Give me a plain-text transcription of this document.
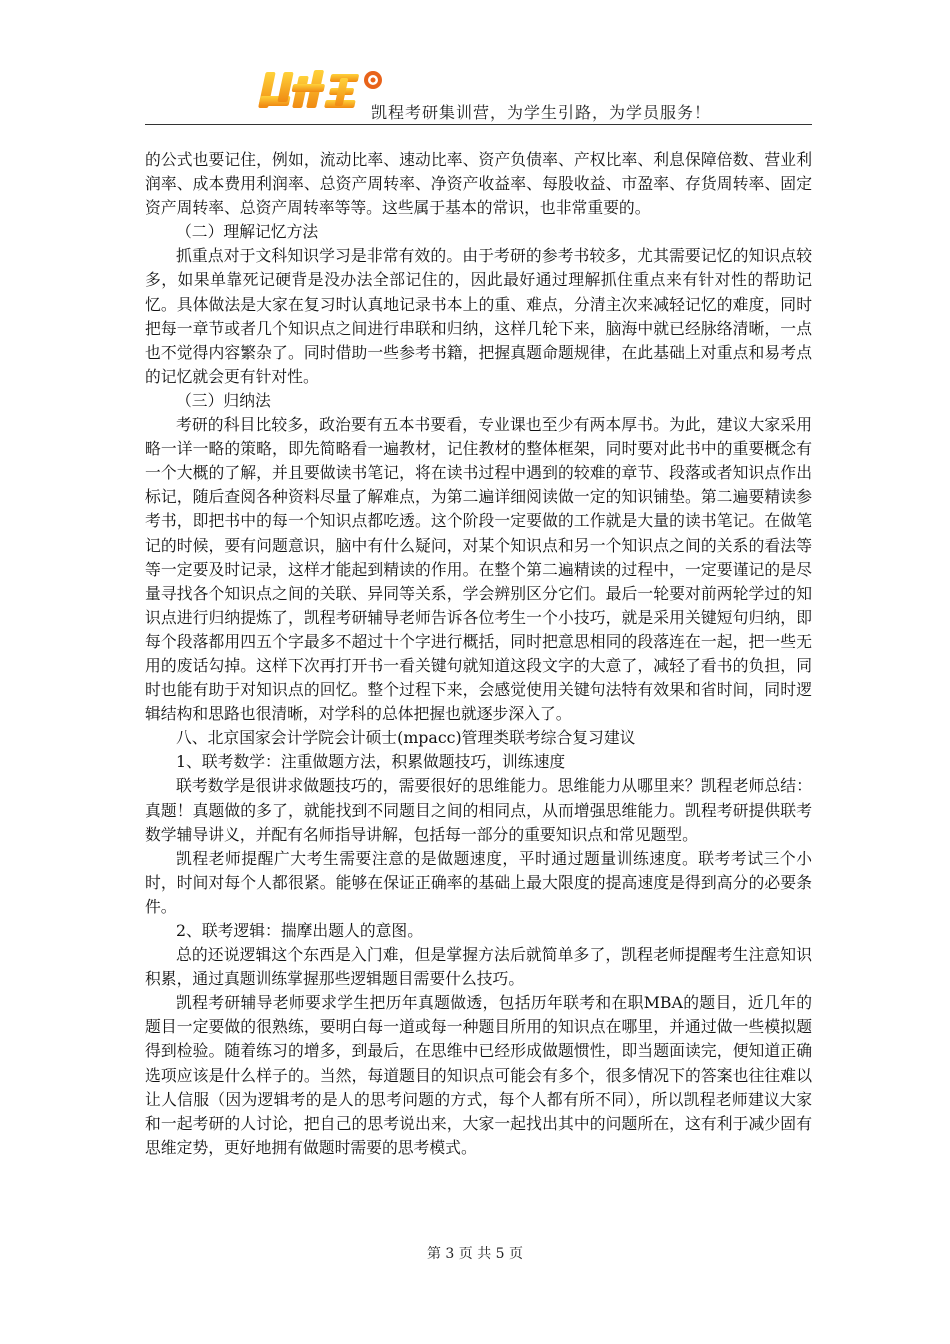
凯程考研集训营，为学生引路，为学员服务！

的公式也要记住，例如，流动比率、速动比率、资产负债率、产权比率、利息保障倍数、营业利润率、成本费用利润率、总资产周转率、净资产收益率、每股收益、市盈率、存货周转率、固定资产周转率、总资产周转率等等。这些属于基本的常识，也非常重要的。

（二）理解记忆方法

抓重点对于文科知识学习是非常有效的。由于考研的参考书较多，尤其需要记忆的知识点较多，如果单靠死记硬背是没办法全部记住的，因此最好通过理解抓住重点来有针对性的帮助记忆。具体做法是大家在复习时认真地记录书本上的重、难点，分清主次来减轻记忆的难度，同时把每一章节或者几个知识点之间进行串联和归纳，这样几轮下来，脑海中就已经脉络清晰，一点也不觉得内容繁杂了。同时借助一些参考书籍，把握真题命题规律，在此基础上对重点和易考点的记忆就会更有针对性。

（三）归纳法

考研的科目比较多，政治要有五本书要看，专业课也至少有两本厚书。为此，建议大家采用略一详一略的策略，即先简略看一遍教材，记住教材的整体框架，同时要对此书中的重要概念有一个大概的了解，并且要做读书笔记，将在读书过程中遇到的较难的章节、段落或者知识点作出标记，随后查阅各种资料尽量了解难点，为第二遍详细阅读做一定的知识铺垫。第二遍要精读参考书，即把书中的每一个知识点都吃透。这个阶段一定要做的工作就是大量的读书笔记。在做笔记的时候，要有问题意识，脑中有什么疑问，对某个知识点和另一个知识点之间的关系的看法等等一定要及时记录，这样才能起到精读的作用。在整个第二遍精读的过程中，一定要谨记的是尽量寻找各个知识点之间的关联、异同等关系，学会辨别区分它们。最后一轮要对前两轮学过的知识点进行归纳提炼了，凯程考研辅导老师告诉各位考生一个小技巧，就是采用关键短句归纳，即每个段落都用四五个字最多不超过十个字进行概括，同时把意思相同的段落连在一起，把一些无用的废话勾掉。这样下次再打开书一看关键句就知道这段文字的大意了，减轻了看书的负担，同时也能有助于对知识点的回忆。整个过程下来，会感觉使用关键句法特有效果和省时间，同时逻辑结构和思路也很清晰，对学科的总体把握也就逐步深入了。

八、北京国家会计学院会计硕士(mpacc)管理类联考综合复习建议

1、联考数学：注重做题方法，积累做题技巧，训练速度

联考数学是很讲求做题技巧的，需要很好的思维能力。思维能力从哪里来？凯程老师总结：真题！真题做的多了，就能找到不同题目之间的相同点，从而增强思维能力。凯程考研提供联考数学辅导讲义，并配有名师指导讲解，包括每一部分的重要知识点和常见题型。

凯程老师提醒广大考生需要注意的是做题速度，平时通过题量训练速度。联考考试三个小时，时间对每个人都很紧。能够在保证正确率的基础上最大限度的提高速度是得到高分的必要条件。

2、联考逻辑：揣摩出题人的意图。

总的还说逻辑这个东西是入门难，但是掌握方法后就简单多了，凯程老师提醒考生注意知识积累，通过真题训练掌握那些逻辑题目需要什么技巧。

凯程考研辅导老师要求学生把历年真题做透，包括历年联考和在职MBA的题目，近几年的题目一定要做的很熟练，要明白每一道或每一种题目所用的知识点在哪里，并通过做一些模拟题得到检验。随着练习的增多，到最后，在思维中已经形成做题惯性，即当题面读完，便知道正确选项应该是什么样子的。当然，每道题目的知识点可能会有多个，很多情况下的答案也往往难以让人信服（因为逻辑考的是人的思考问题的方式，每个人都有所不同），所以凯程老师建议大家和一起考研的人讨论，把自己的思考说出来，大家一起找出其中的问题所在，这有利于减少固有思维定势，更好地拥有做题时需要的思考模式。

第 3 页 共 5 页
